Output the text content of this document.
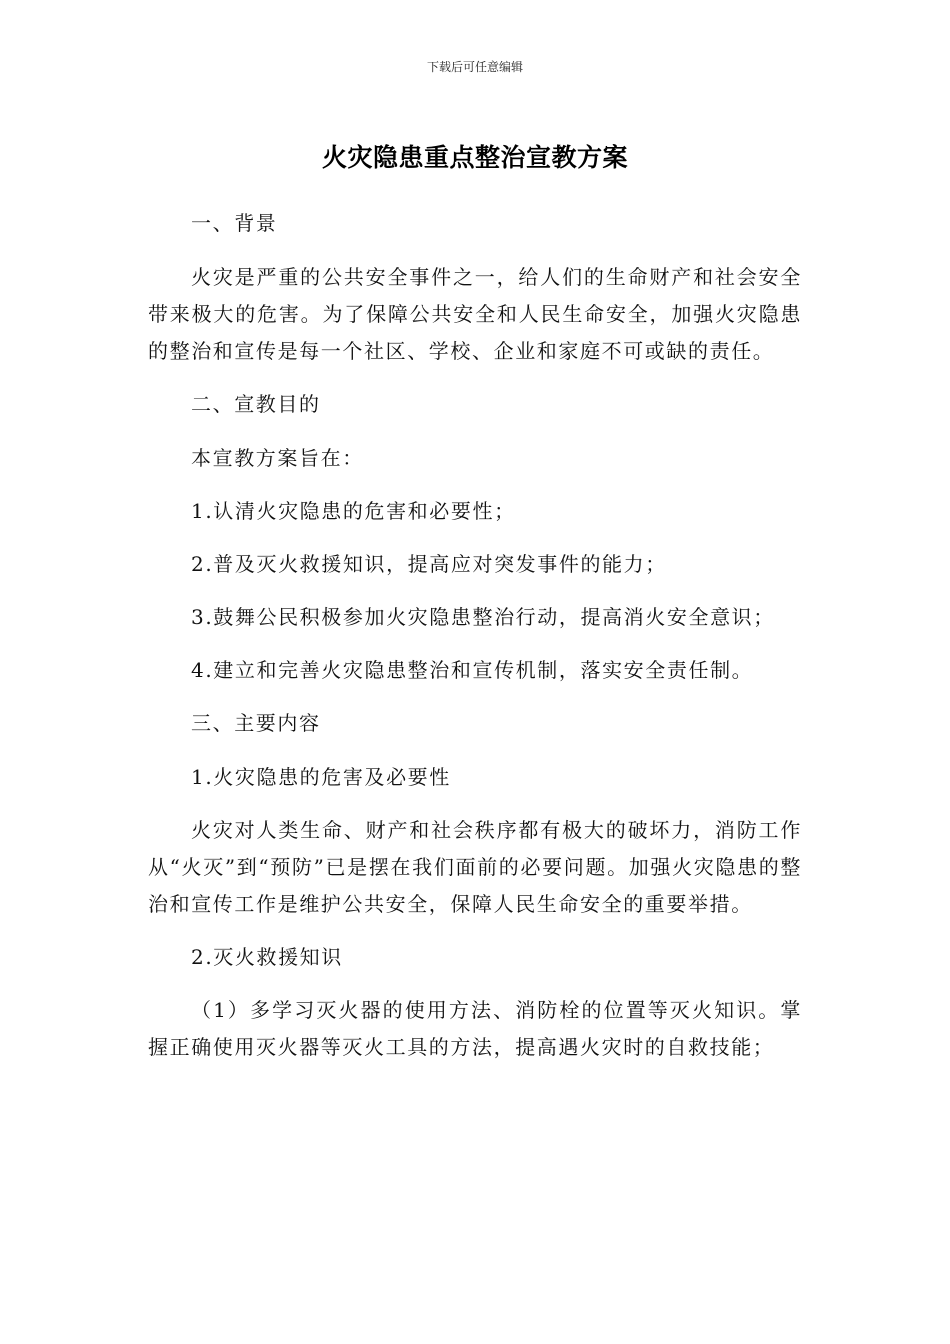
下载后可任意编辑
火灾隐患重点整治宣教方案

一、背景

火灾是严重的公共安全事件之一，给人们的生命财产和社会安全带来极大的危害。为了保障公共安全和人民生命安全，加强火灾隐患的整治和宣传是每一个社区、学校、企业和家庭不可或缺的责任。

二、宣教目的

本宣教方案旨在：

1.认清火灾隐患的危害和必要性；

2.普及灭火救援知识，提高应对突发事件的能力；

3.鼓舞公民积极参加火灾隐患整治行动，提高消火安全意识；

4.建立和完善火灾隐患整治和宣传机制，落实安全责任制。

三、主要内容

1.火灾隐患的危害及必要性

火灾对人类生命、财产和社会秩序都有极大的破坏力，消防工作从“火灭”到“预防”已是摆在我们面前的必要问题。加强火灾隐患的整治和宣传工作是维护公共安全，保障人民生命安全的重要举措。

2.灭火救援知识

（1）多学习灭火器的使用方法、消防栓的位置等灭火知识。掌握正确使用灭火器等灭火工具的方法，提高遇火灾时的自救技能；
